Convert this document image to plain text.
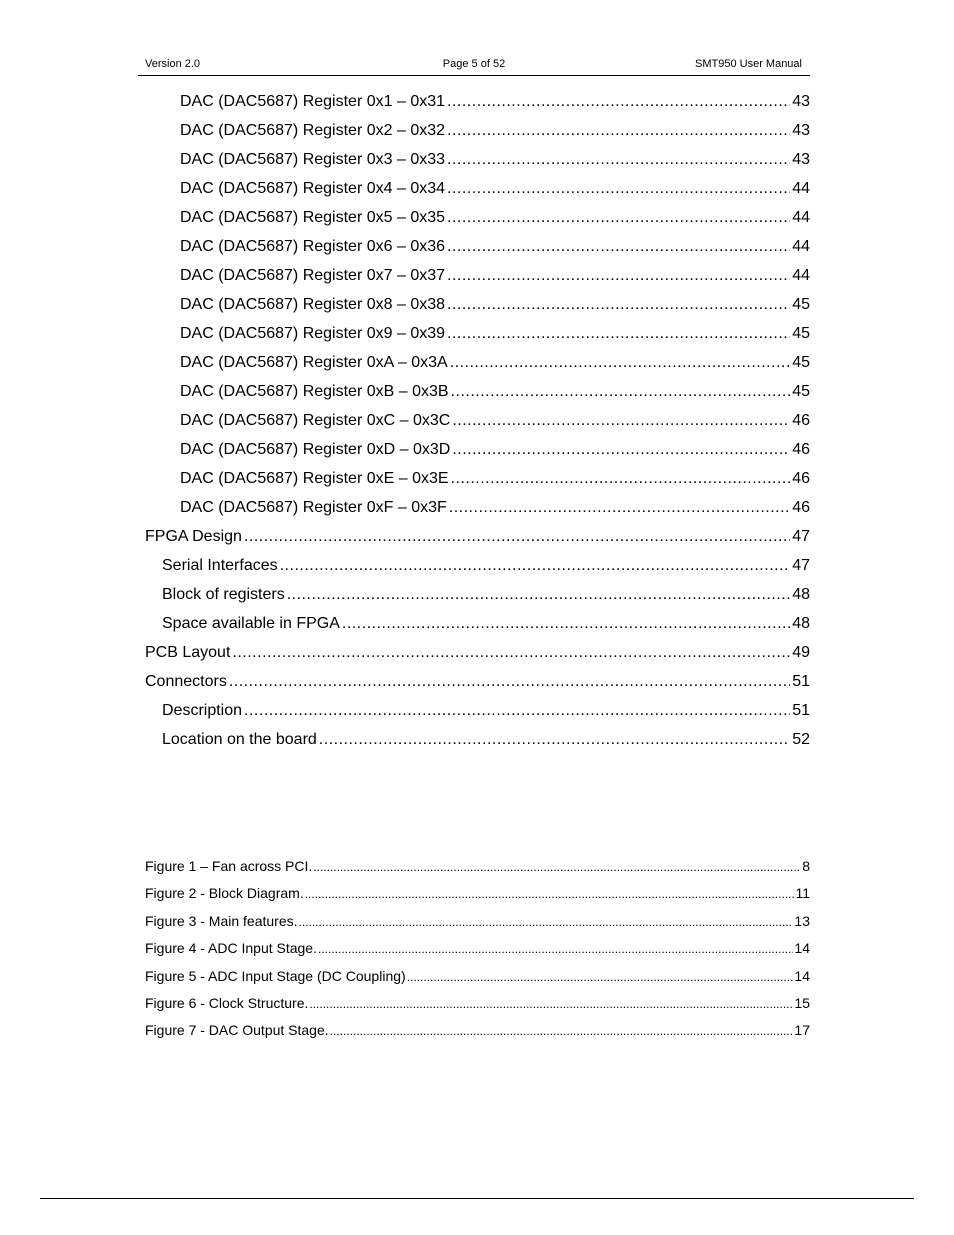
Version 2.0	Page 5 of 52	SMT950 User Manual
DAC (DAC5687) Register 0x1 – 0x31 .....	43
DAC (DAC5687) Register 0x2 – 0x32 .....	43
DAC (DAC5687) Register 0x3 – 0x33 .....	43
DAC (DAC5687) Register 0x4 – 0x34 .....	44
DAC (DAC5687) Register 0x5 – 0x35 .....	44
DAC (DAC5687) Register 0x6 – 0x36 .....	44
DAC (DAC5687) Register 0x7 – 0x37 .....	44
DAC (DAC5687) Register 0x8 – 0x38 .....	45
DAC (DAC5687) Register 0x9 – 0x39 .....	45
DAC (DAC5687) Register 0xA – 0x3A .....	45
DAC (DAC5687) Register 0xB – 0x3B .....	45
DAC (DAC5687) Register 0xC – 0x3C .....	46
DAC (DAC5687) Register 0xD – 0x3D .....	46
DAC (DAC5687) Register 0xE – 0x3E .....	46
DAC (DAC5687) Register 0xF – 0x3F .....	46
FPGA Design .....	47
Serial Interfaces .....	47
Block of registers .....	48
Space available in FPGA .....	48
PCB Layout .....	49
Connectors .....	51
Description .....	51
Location on the board .....	52
Figure 1 – Fan across PCI. .....	8
Figure 2 - Block Diagram. .....	11
Figure 3 - Main features. .....	13
Figure 4 - ADC Input Stage. .....	14
Figure 5 - ADC Input Stage (DC Coupling) .....	14
Figure 6 - Clock Structure. .....	15
Figure 7 - DAC Output Stage. .....	17
